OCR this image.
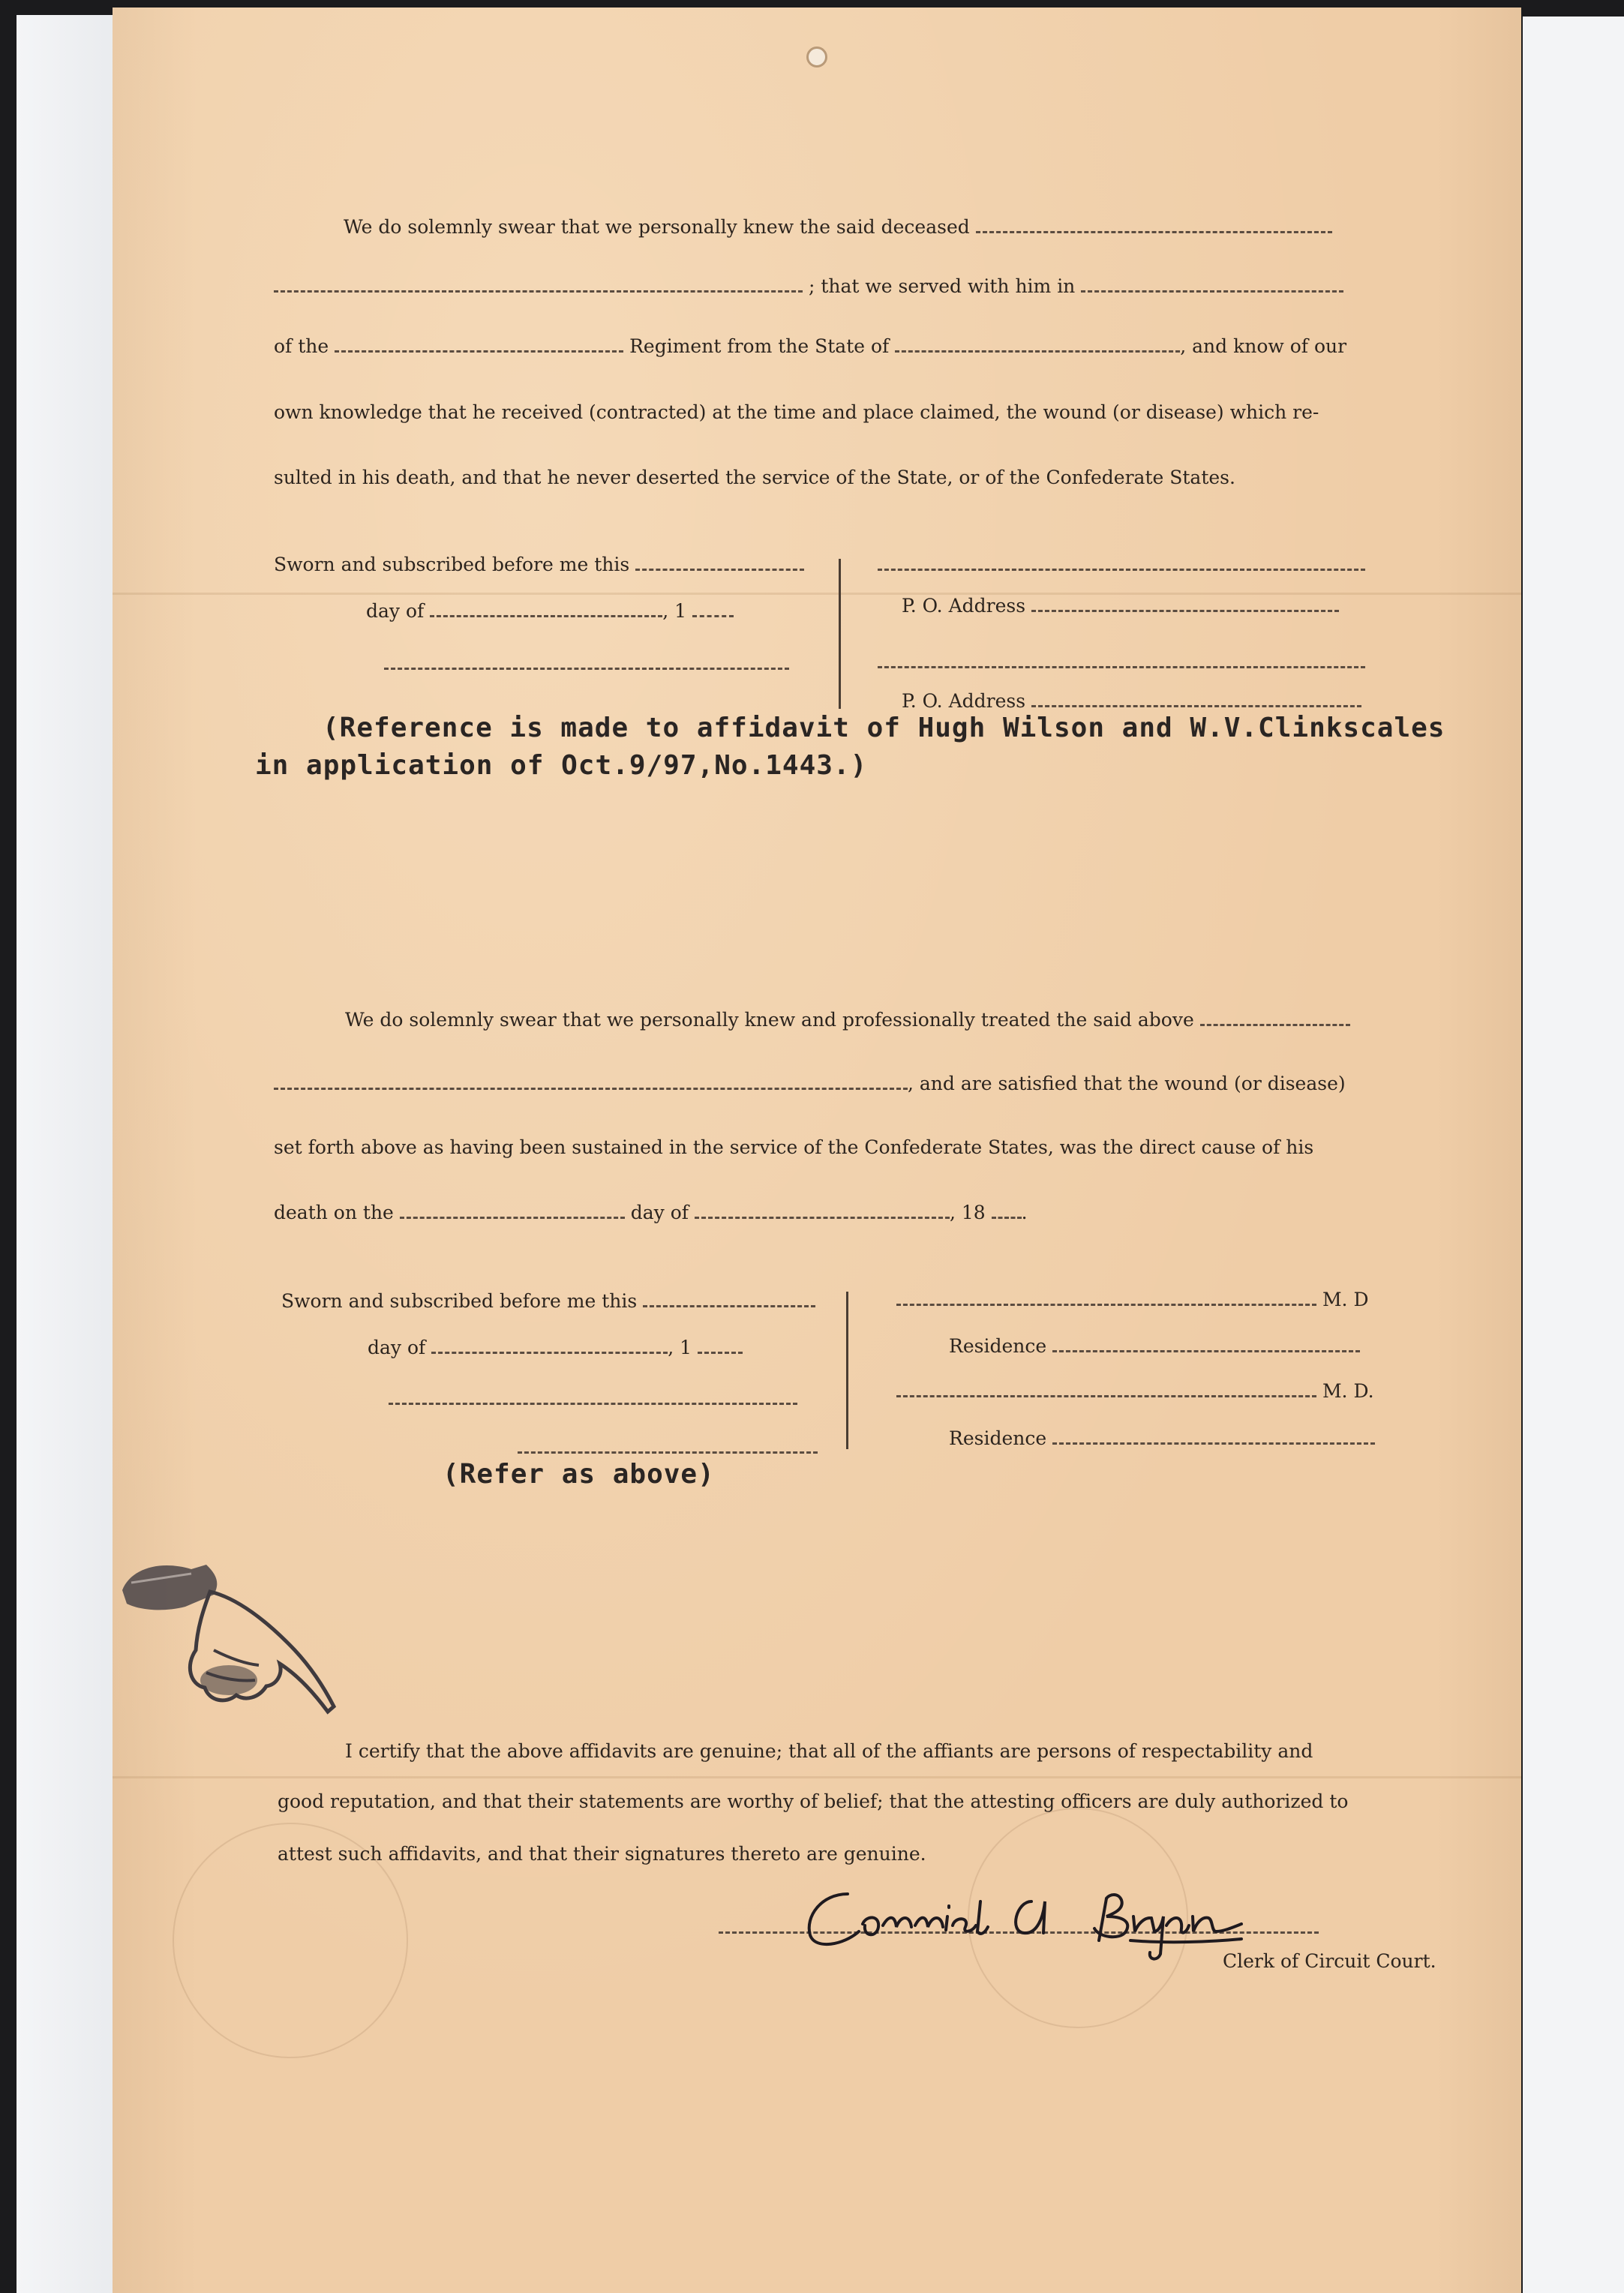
We do solemnly swear that we personally knew the said deceased
; that we served with him in
of the	Regiment from the State of	, and know of our
own knowledge that he received (contracted) at the time and place claimed, the wound (or disease) which re-
sulted in his death, and that he never deserted the service of the State, or of the Confederate States.
Sworn and subscribed before me this
day of	, 1	P. O. Address
P. O. Address
(Reference is made to affidavit of Hugh Wilson and W.V.Clinkscales
in application of Oct.9/97,No.1443.)
We do solemnly swear that we personally knew and professionally treated the said above
, and are satisfied that the wound (or disease)
set forth above as having been sustained in the service of the Confederate States, was the direct cause of his
death on the	day of	, 18 .
Sworn and subscribed before me this
day of	, 1
M. D
Residence
M. D.
Residence
(Refer as above)
I certify that the above affidavits are genuine; that all of the affiants are persons of respectability and
good reputation, and that their statements are worthy of belief; that the attesting officers are duly authorized to
attest such affidavits, and that their signatures thereto are genuine.
Clerk of Circuit Court.
